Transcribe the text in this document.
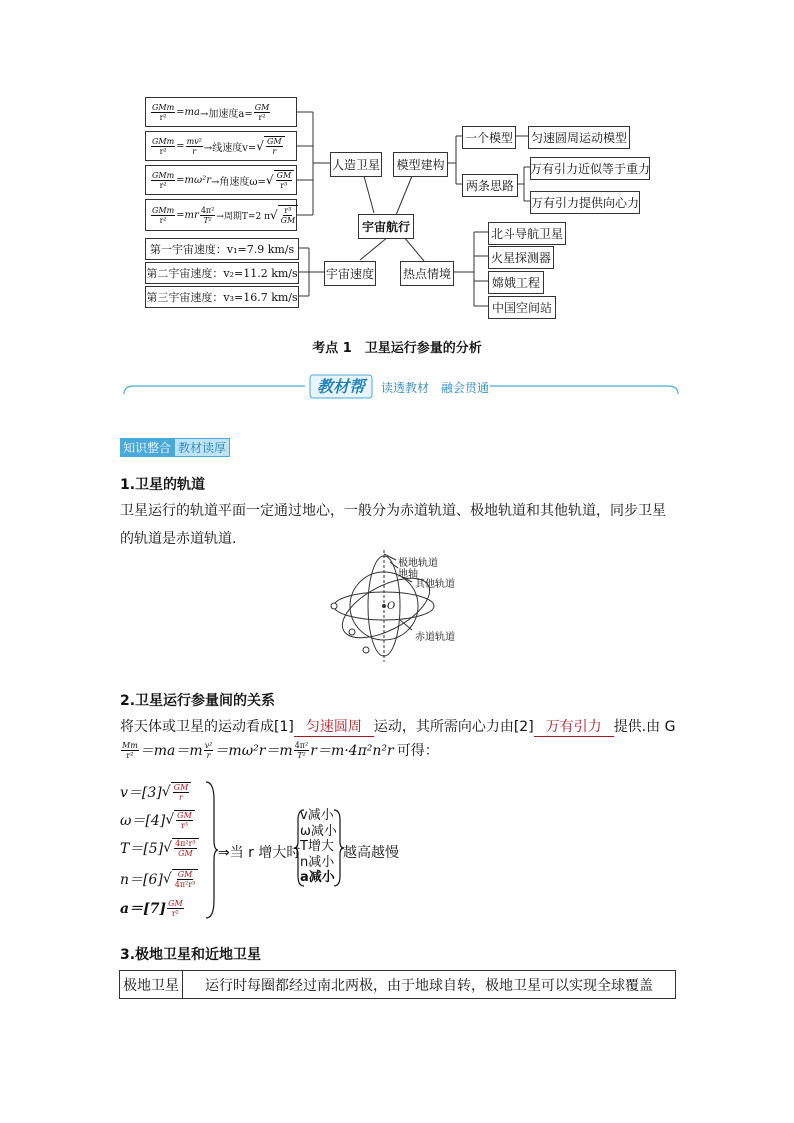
$\frac{\text{GMm}}{\text{r²}} =ma$ →加速度$a= \frac{GM}{\text{r²}}$
$\frac{\text{GMm}}{\text{r²}} = \frac{\text{mv²}}{r}$ →线速度v= √ $\frac{GM}{r}$
$\frac{\text{GMm}}{\text{r²}} =m\omega^2r$ →角速度ω= √ $\frac{GM}{\text{r³}}$
$\frac{\text{GMm}}{\text{r²}} =mr \frac{\text{4π²}}{\text{T²}}$ →周期T=2 π √ $\frac{\text{r³}}{GM}$
人造卫星 模型建构
宇宙航行
宇宙速度 热点情境
一个模型 匀速圆周运动模型
两条思路
万有引力近似等于重力
万有引力提供向心力
北斗导航卫星
火星探测器
嫦娥工程
中国空间站
第一宇宙速度：v₁=7.9 km/s
第二宇宙速度：v₂=11.2 km/s
第三宇宙速度：v₃=16.7 km/s
考点 1　卫星运行参量的分析
教材帮	读透教材　融会贯通
知识整合 教材读厚
1.卫星的轨道
卫星运行的轨道平面一定通过地心，一般分为赤道轨道、极地轨道和其他轨道，同步卫星
的轨道是赤道轨道.
极地轨道
地轴
其他轨道
赤道轨道
O
2.卫星运行参量间的关系
将天体或卫星的运动看成[1] 匀速圆周 运动，其所需向心力由[2] 万有引力 提供.由 G
$\frac{Mm}{\text{r²}} =ma=m \frac{\text{v²}}{r} =m\omega^2r=m \frac{\text{4π²}}{\text{T²}} r=m\cdot 4\pi^2n^2r$ 可得：
v＝[3] √ $\frac{GM}{r}$
ω＝[4] √ $\frac{GM}{\text{r³}}$
T＝[5] √ $\frac{\text{4π²r³}}{GM}$
n＝[6] √ $\frac{GM}{\text{4π²r³}}$
$a=[7] \frac{GM}{\text{r²}}$
⇒当 r 增大时
v减小
ω减小
T增大
n减小
a减小
越高越慢
3.极地卫星和近地卫星
极地卫星	运行时每圈都经过南北两极，由于地球自转，极地卫星可以实现全球覆盖
